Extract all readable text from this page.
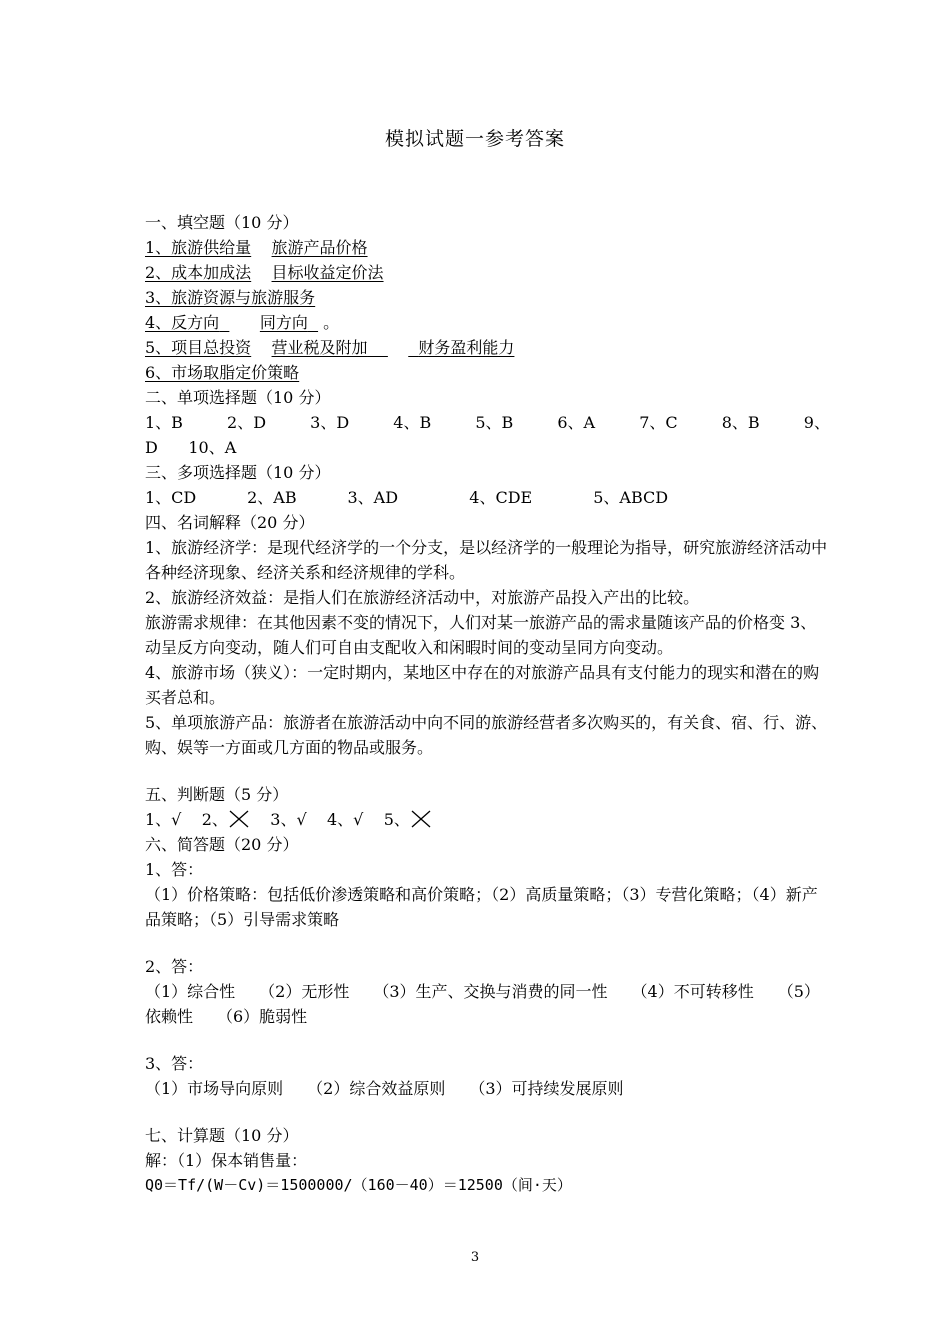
模拟试题一参考答案
一、填空题（10 分）
1、旅游供给量 旅游产品价格
2、成本加成法 目标收益定价法
3、旅游资源与旅游服务
4、反方向	同方向 。
5、项目总投资 营业税及附加	财务盈利能力
6、市场取脂定价策略
二、单项选择题（10 分）
1、B	2、D	3、D	4、B	5、B	6、A	7、C	8、B	9、
D 10、A
三、多项选择题（10 分）
1、CD	2、AB	3、AD	4、CDE	5、ABCD
四、名词解释（20 分）
1、旅游经济学：是现代经济学的一个分支，是以经济学的一般理论为指导，研究旅游经济活动中各种经济现象、经济关系和经济规律的学科。
2、旅游经济效益：是指人们在旅游经济活动中，对旅游产品投入产出的比较。
旅游需求规律：在其他因素不变的情况下，人们对某一旅游产品的需求量随该产品的价格变 3、动呈反方向变动，随人们可自由支配收入和闲暇时间的变动呈同方向变动。
4、旅游市场（狭义）：一定时期内，某地区中存在的对旅游产品具有支付能力的现实和潜在的购买者总和。
5、单项旅游产品：旅游者在旅游活动中向不同的旅游经营者多次购买的，有关食、宿、行、游、购、娱等一方面或几方面的物品或服务。
五、判断题（5 分）
1、√ 2、	3、√ 4、√ 5、
六、简答题（20 分）
1、答：
（1）价格策略：包括低价渗透策略和高价策略；（2）高质量策略；（3）专营化策略；（4）新产品策略；（5）引导需求策略
2、答：
（1）综合性　　（2）无形性　　（3）生产、交换与消费的同一性　　（4）不可转移性　　（5）依赖性　　（6）脆弱性
3、答：
（1）市场导向原则　　（2）综合效益原则　　（3）可持续发展原则
七、计算题（10 分）
解：（1）保本销售量：
Q0＝Tf/(W－Cv)＝1500000/（160－40）＝12500（间·天）
3
